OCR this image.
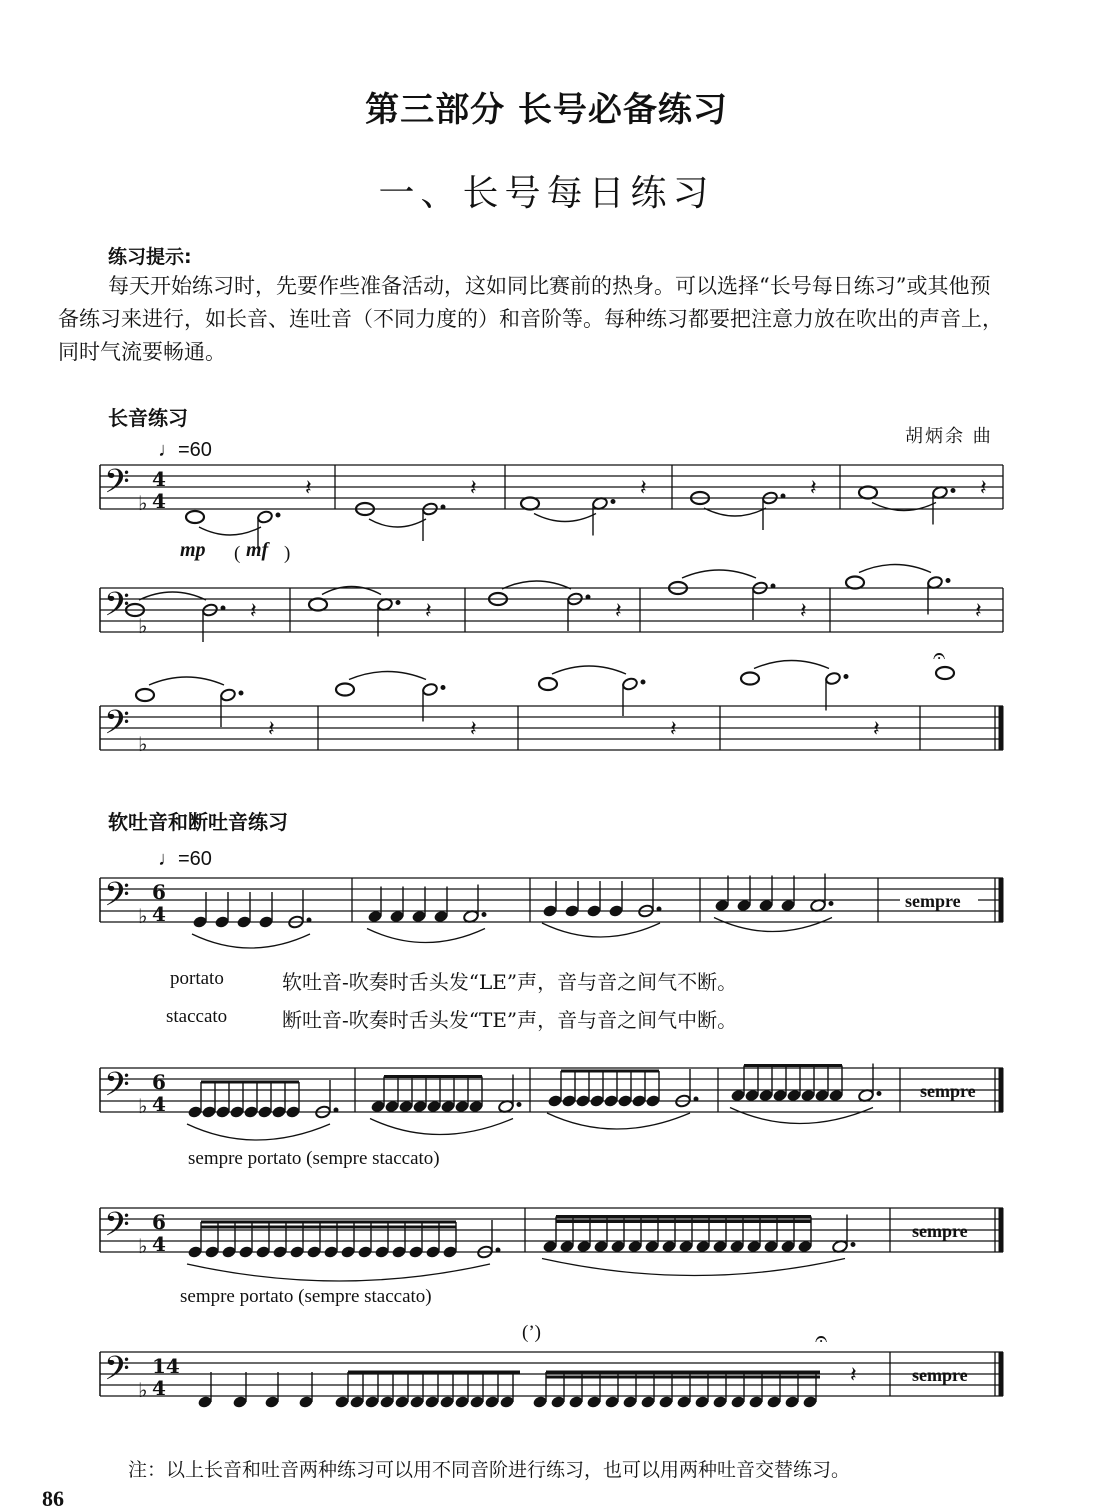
第三部分 长号必备练习
一、长号每日练习
练习提示:
每天开始练习时，先要作些准备活动，这如同比赛前的热身。可以选择“长号每日练习”或其他预备练习来进行，如长音、连吐音（不同力度的）和音阶等。每种练习都要把注意力放在吹出的声音上，同时气流要畅通。
长音练习
胡炳余 曲
♩=60
mp ( mf )
软吐音和断吐音练习
♩=60
portato	软吐音-吹奏时舌头发“LE”声，音与音之间气不断。
staccato	断吐音-吹奏时舌头发“TE”声，音与音之间气中断。
sempre portato (sempre staccato)
sempre portato (sempre staccato)
(’)
注：以上长音和吐音两种练习可以用不同音阶进行练习，也可以用两种吐音交替练习。
86
𝄢 ♭
4
4	𝄽	𝄽	𝄽	𝄽	𝄽
𝄢 ♭
𝄽	𝄽	𝄽	𝄽	𝄽
𝄢 ♭
𝄽	𝄽	𝄽	𝄽
𝄐
𝄢 ♭
6
4
sempre
𝄢 ♭
6
4
sempre
𝄢 ♭
6
4
sempre
𝄢 ♭
14
4
𝄐
𝄽	sempre
